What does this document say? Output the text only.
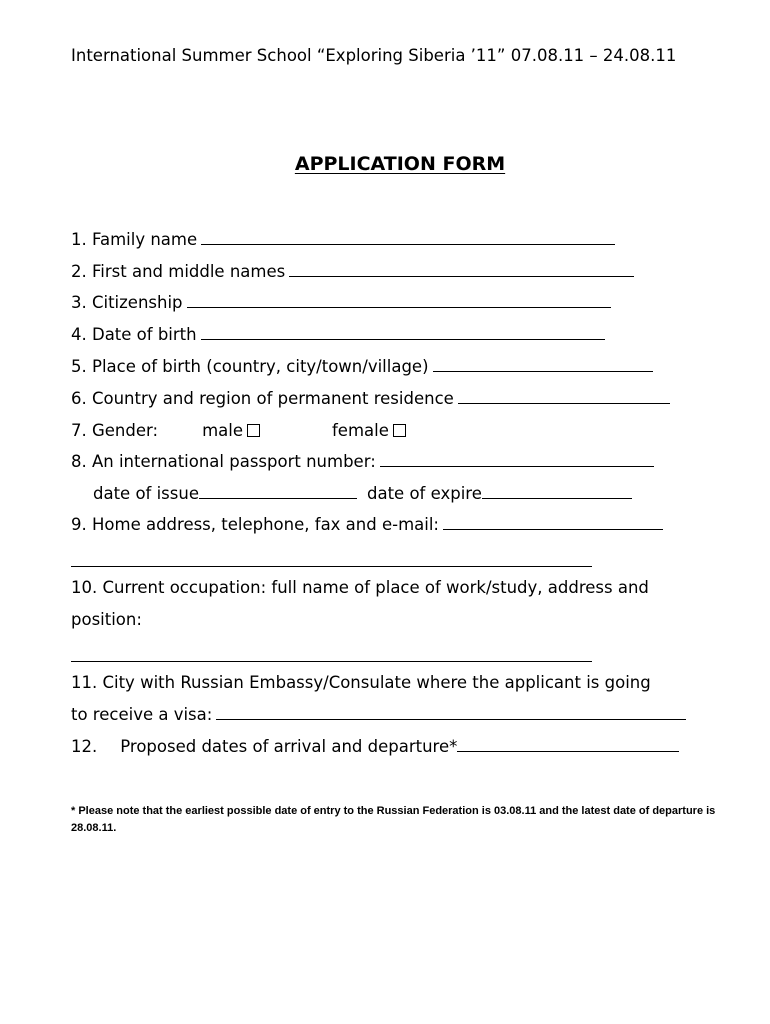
International Summer School “Exploring Siberia ’11” 07.08.11 – 24.08.11
APPLICATION FORM
1. Family name
2. First and middle names
3. Citizenship
4. Date of birth
5. Place of birth (country, city/town/village)
6. Country and region of permanent residence
7. Gender:	male	female
8. An international passport number:
date of issue	date of expire
9. Home address, telephone, fax and e-mail:
10. Current occupation: full name of place of work/study, address and
position:
11. City with Russian Embassy/Consulate where the applicant is going
to receive a visa:
12. Proposed dates of arrival and departure*
* Please note that the earliest possible date of entry to the Russian Federation is 03.08.11 and the latest date of departure is 28.08.11.
